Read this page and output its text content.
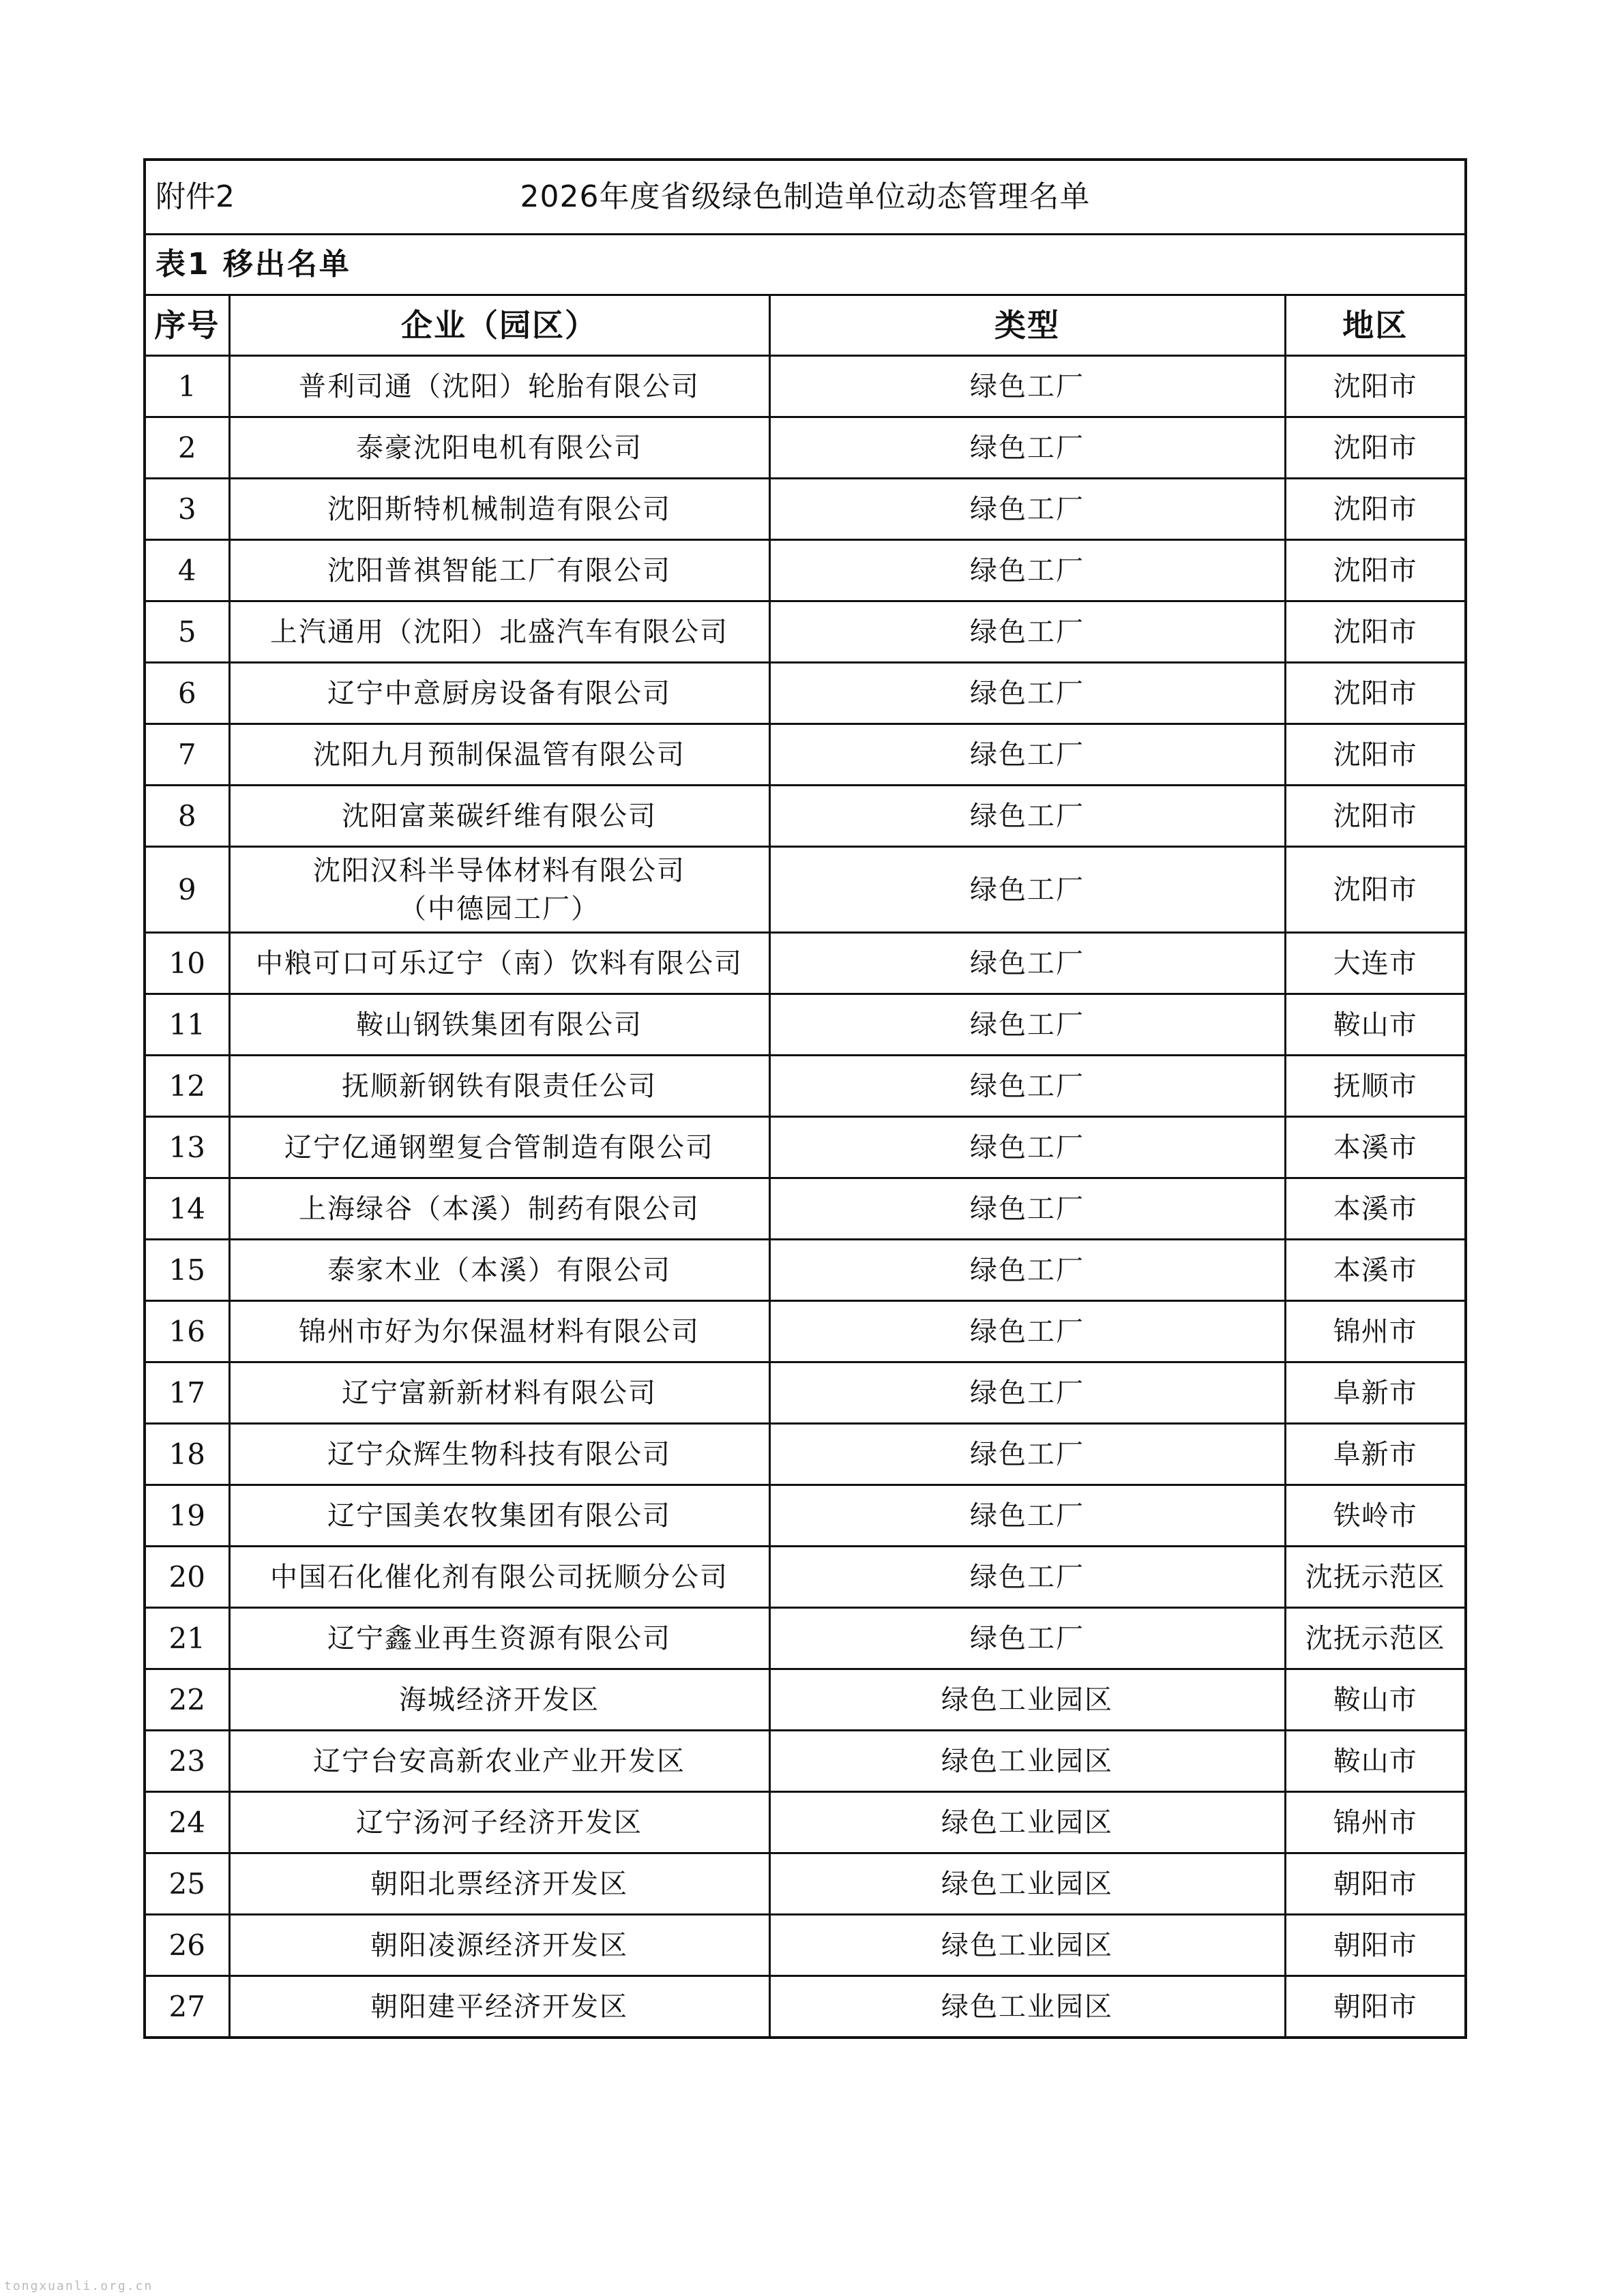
附件2 2026年度省级绿色制造单位动态管理名单			

表1 移出名单			
序号	企业（园区）	类型	地区
1	普利司通（沈阳）轮胎有限公司	绿色工厂	沈阳市
2	泰豪沈阳电机有限公司	绿色工厂	沈阳市
3	沈阳斯特机械制造有限公司	绿色工厂	沈阳市
4	沈阳普祺智能工厂有限公司	绿色工厂	沈阳市
5	上汽通用（沈阳）北盛汽车有限公司	绿色工厂	沈阳市
6	辽宁中意厨房设备有限公司	绿色工厂	沈阳市
7	沈阳九月预制保温管有限公司	绿色工厂	沈阳市
8	沈阳富莱碳纤维有限公司	绿色工厂	沈阳市
9	沈阳汉科半导体材料有限公司
（中德园工厂）	绿色工厂	沈阳市
10	中粮可口可乐辽宁（南）饮料有限公司	绿色工厂	大连市
11	鞍山钢铁集团有限公司	绿色工厂	鞍山市
12	抚顺新钢铁有限责任公司	绿色工厂	抚顺市
13	辽宁亿通钢塑复合管制造有限公司	绿色工厂	本溪市
14	上海绿谷（本溪）制药有限公司	绿色工厂	本溪市
15	泰家木业（本溪）有限公司	绿色工厂	本溪市
16	锦州市好为尔保温材料有限公司	绿色工厂	锦州市
17	辽宁富新新材料有限公司	绿色工厂	阜新市
18	辽宁众辉生物科技有限公司	绿色工厂	阜新市
19	辽宁国美农牧集团有限公司	绿色工厂	铁岭市
20	中国石化催化剂有限公司抚顺分公司	绿色工厂	沈抚示范区
21	辽宁鑫业再生资源有限公司	绿色工厂	沈抚示范区
22	海城经济开发区	绿色工业园区	鞍山市
23	辽宁台安高新农业产业开发区	绿色工业园区	鞍山市
24	辽宁汤河子经济开发区	绿色工业园区	锦州市
25	朝阳北票经济开发区	绿色工业园区	朝阳市
26	朝阳凌源经济开发区	绿色工业园区	朝阳市
27	朝阳建平经济开发区	绿色工业园区	朝阳市
tongxuanli.org.cn
